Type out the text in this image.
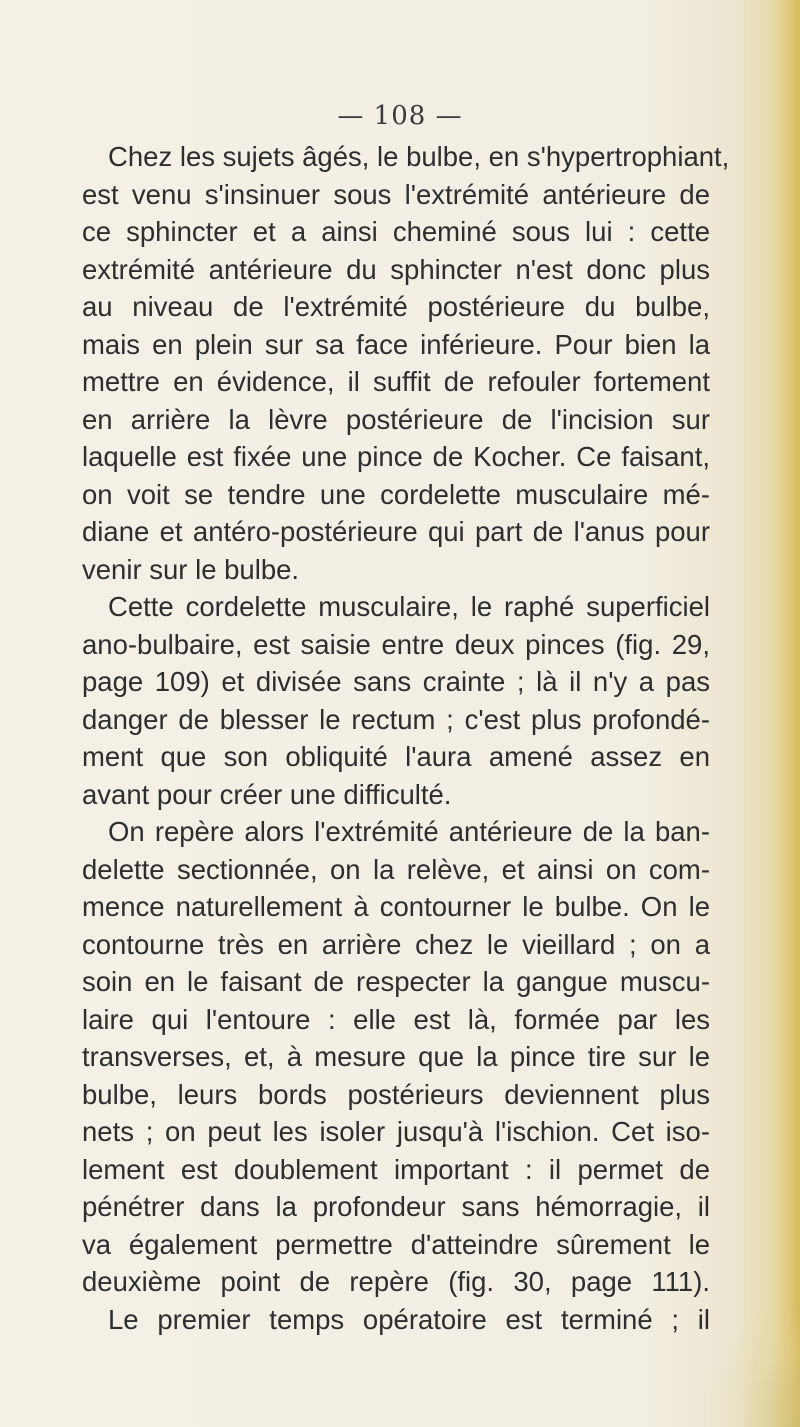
— 108 —
Chez les sujets âgés, le bulbe, en s'hypertrophiant,
est venu s'insinuer sous l'extrémité antérieure de
ce sphincter et a ainsi cheminé sous lui : cette
extrémité antérieure du sphincter n'est donc plus
au niveau de l'extrémité postérieure du bulbe,
mais en plein sur sa face inférieure. Pour bien la
mettre en évidence, il suffit de refouler fortement
en arrière la lèvre postérieure de l'incision sur
laquelle est fixée une pince de Kocher. Ce faisant,
on voit se tendre une cordelette musculaire mé-
diane et antéro-postérieure qui part de l'anus pour
venir sur le bulbe.
Cette cordelette musculaire, le raphé superficiel
ano-bulbaire, est saisie entre deux pinces (fig. 29,
page 109) et divisée sans crainte ; là il n'y a pas
danger de blesser le rectum ; c'est plus profondé-
ment que son obliquité l'aura amené assez en
avant pour créer une difficulté.
On repère alors l'extrémité antérieure de la ban-
delette sectionnée, on la relève, et ainsi on com-
mence naturellement à contourner le bulbe. On le
contourne très en arrière chez le vieillard ; on a
soin en le faisant de respecter la gangue muscu-
laire qui l'entoure : elle est là, formée par les
transverses, et, à mesure que la pince tire sur le
bulbe, leurs bords postérieurs deviennent plus
nets ; on peut les isoler jusqu'à l'ischion. Cet iso-
lement est doublement important : il permet de
pénétrer dans la profondeur sans hémorragie, il
va également permettre d'atteindre sûrement le
deuxième point de repère (fig. 30, page 111).
Le premier temps opératoire est terminé ; il
